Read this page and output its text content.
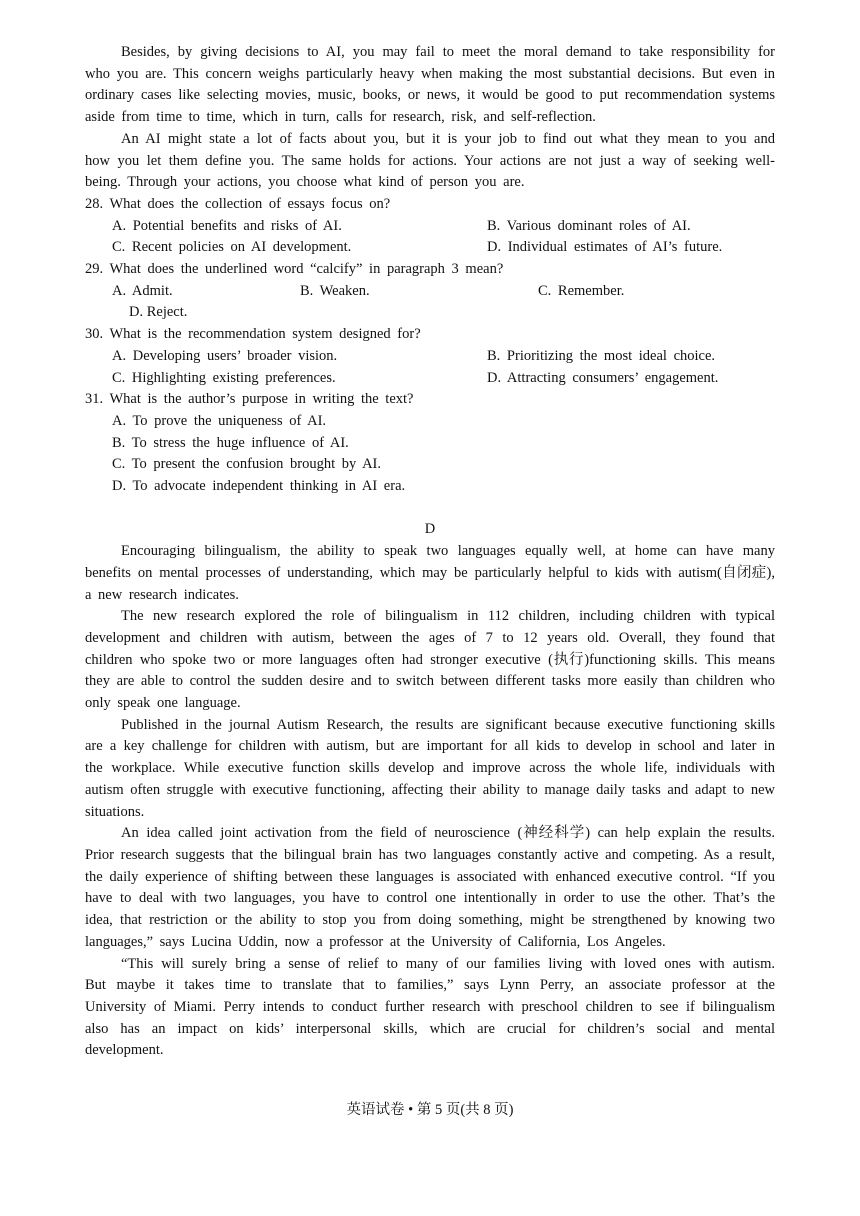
Besides, by giving decisions to AI, you may fail to meet the moral demand to take responsibility for who you are. This concern weighs particularly heavy when making the most substantial decisions. But even in ordinary cases like selecting movies, music, books, or news, it would be good to put recommendation systems aside from time to time, which in turn, calls for research, risk, and self-reflection.

An AI might state a lot of facts about you, but it is your job to find out what they mean to you and how you let them define you. The same holds for actions. Your actions are not just a way of seeking well-being. Through your actions, you choose what kind of person you are.

28. What does the collection of essays focus on?

A. Potential benefits and risks of AI.	B. Various dominant roles of AI.
C. Recent policies on AI development.	D. Individual estimates of AI’s future.

29. What does the underlined word “calcify” in paragraph 3 mean?

A. Admit.	B. Weaken.	C. Remember.
D. Reject.

30. What is the recommendation system designed for?

A. Developing users’ broader vision.	B. Prioritizing the most ideal choice.
C. Highlighting existing preferences.	D. Attracting consumers’ engagement.

31. What is the author’s purpose in writing the text?

A. To prove the uniqueness of AI.
B. To stress the huge influence of AI.
C. To present the confusion brought by AI.
D. To advocate independent thinking in AI era.
D

Encouraging bilingualism, the ability to speak two languages equally well, at home can have many benefits on mental processes of understanding, which may be particularly helpful to kids with autism(自闭症), a new research indicates.

The new research explored the role of bilingualism in 112 children, including children with typical development and children with autism, between the ages of 7 to 12 years old. Overall, they found that children who spoke two or more languages often had stronger executive (执行)functioning skills. This means they are able to control the sudden desire and to switch between different tasks more easily than children who only speak one language.

Published in the journal Autism Research, the results are significant because executive functioning skills are a key challenge for children with autism, but are important for all kids to develop in school and later in the workplace. While executive function skills develop and improve across the whole life, individuals with autism often struggle with executive functioning, affecting their ability to manage daily tasks and adapt to new situations.

An idea called joint activation from the field of neuroscience (神经科学) can help explain the results. Prior research suggests that the bilingual brain has two languages constantly active and competing. As a result, the daily experience of shifting between these languages is associated with enhanced executive control. “If you have to deal with two languages, you have to control one intentionally in order to use the other. That’s the idea, that restriction or the ability to stop you from doing something, might be strengthened by knowing two languages,” says Lucina Uddin, now a professor at the University of California, Los Angeles.

“This will surely bring a sense of relief to many of our families living with loved ones with autism. But maybe it takes time to translate that to families,” says Lynn Perry, an associate professor at the University of Miami. Perry intends to conduct further research with preschool children to see if bilingualism also has an impact on kids’ interpersonal skills, which are crucial for children’s social and mental development.

英语试卷 • 第 5 页(共 8 页)
